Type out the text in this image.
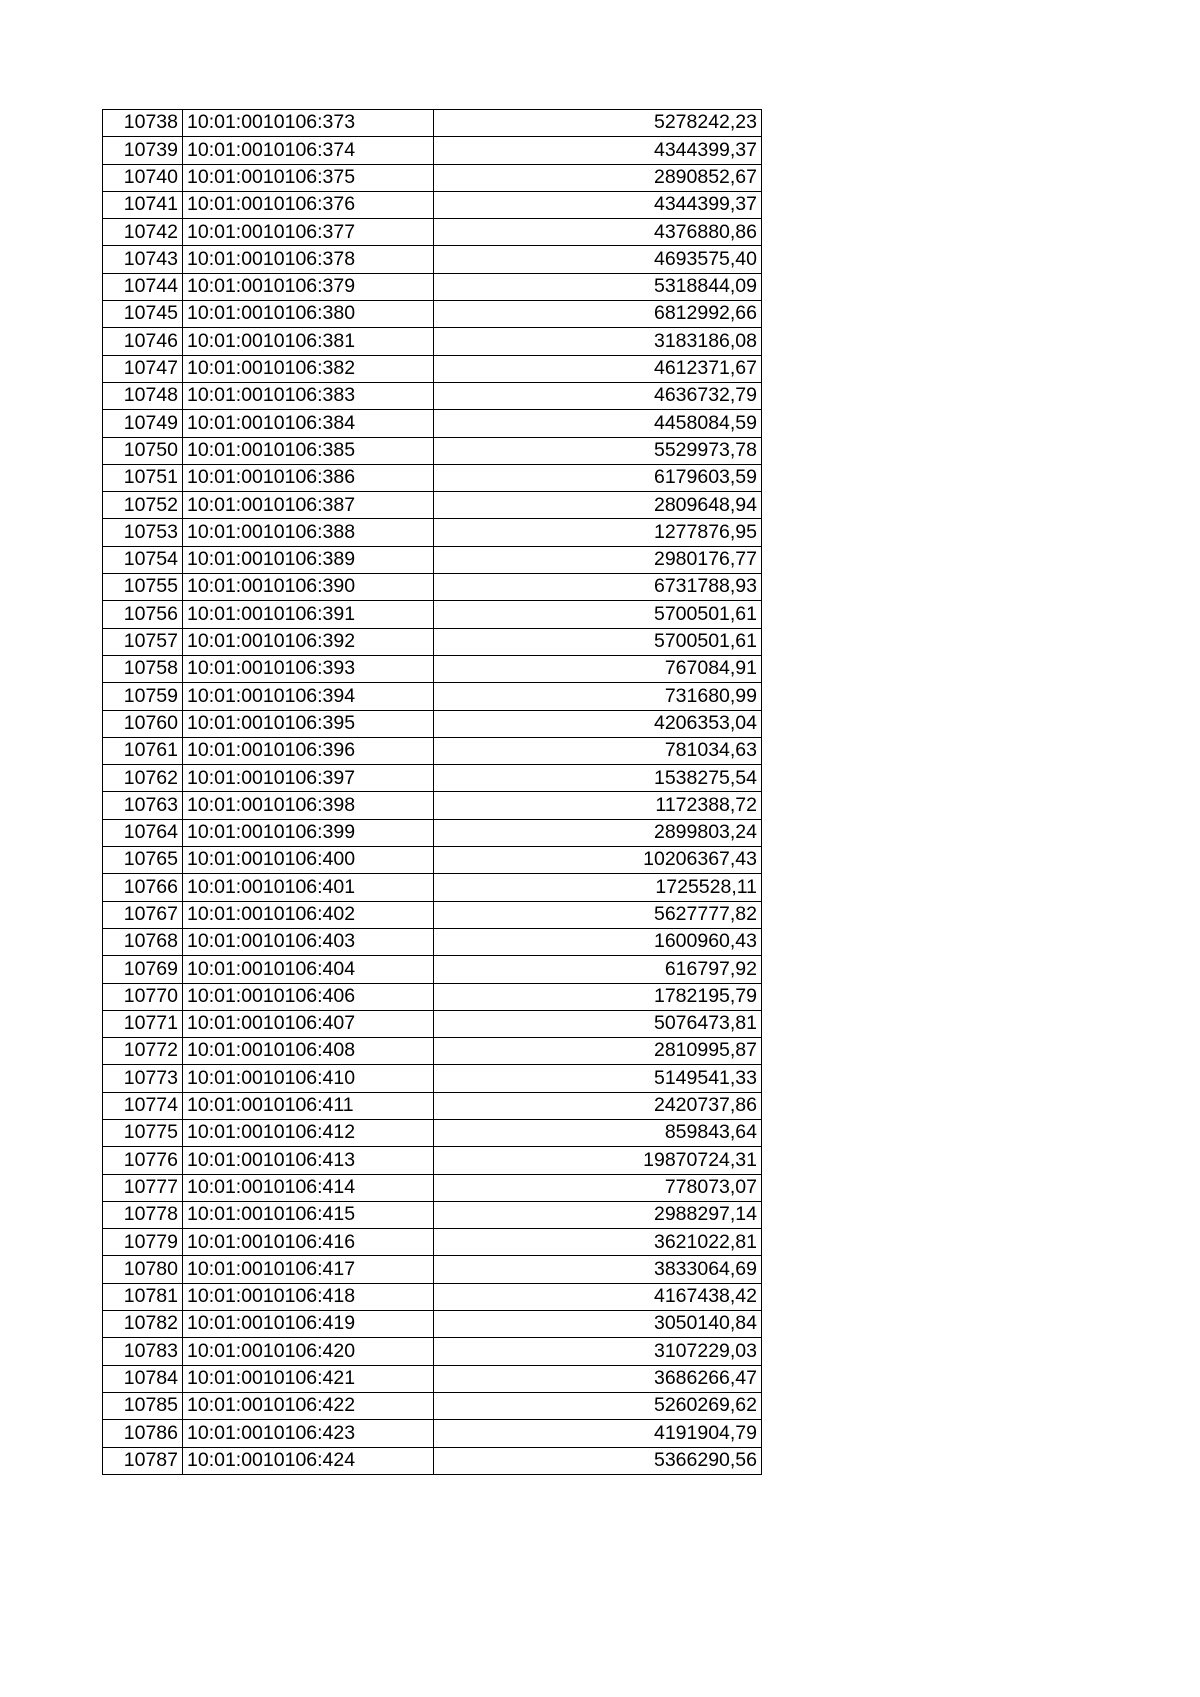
10738	10:01:0010106:373	5278242,23
10739	10:01:0010106:374	4344399,37
10740	10:01:0010106:375	2890852,67
10741	10:01:0010106:376	4344399,37
10742	10:01:0010106:377	4376880,86
10743	10:01:0010106:378	4693575,40
10744	10:01:0010106:379	5318844,09
10745	10:01:0010106:380	6812992,66
10746	10:01:0010106:381	3183186,08
10747	10:01:0010106:382	4612371,67
10748	10:01:0010106:383	4636732,79
10749	10:01:0010106:384	4458084,59
10750	10:01:0010106:385	5529973,78
10751	10:01:0010106:386	6179603,59
10752	10:01:0010106:387	2809648,94
10753	10:01:0010106:388	1277876,95
10754	10:01:0010106:389	2980176,77
10755	10:01:0010106:390	6731788,93
10756	10:01:0010106:391	5700501,61
10757	10:01:0010106:392	5700501,61
10758	10:01:0010106:393	767084,91
10759	10:01:0010106:394	731680,99
10760	10:01:0010106:395	4206353,04
10761	10:01:0010106:396	781034,63
10762	10:01:0010106:397	1538275,54
10763	10:01:0010106:398	1172388,72
10764	10:01:0010106:399	2899803,24
10765	10:01:0010106:400	10206367,43
10766	10:01:0010106:401	1725528,11
10767	10:01:0010106:402	5627777,82
10768	10:01:0010106:403	1600960,43
10769	10:01:0010106:404	616797,92
10770	10:01:0010106:406	1782195,79
10771	10:01:0010106:407	5076473,81
10772	10:01:0010106:408	2810995,87
10773	10:01:0010106:410	5149541,33
10774	10:01:0010106:411	2420737,86
10775	10:01:0010106:412	859843,64
10776	10:01:0010106:413	19870724,31
10777	10:01:0010106:414	778073,07
10778	10:01:0010106:415	2988297,14
10779	10:01:0010106:416	3621022,81
10780	10:01:0010106:417	3833064,69
10781	10:01:0010106:418	4167438,42
10782	10:01:0010106:419	3050140,84
10783	10:01:0010106:420	3107229,03
10784	10:01:0010106:421	3686266,47
10785	10:01:0010106:422	5260269,62
10786	10:01:0010106:423	4191904,79
10787	10:01:0010106:424	5366290,56
